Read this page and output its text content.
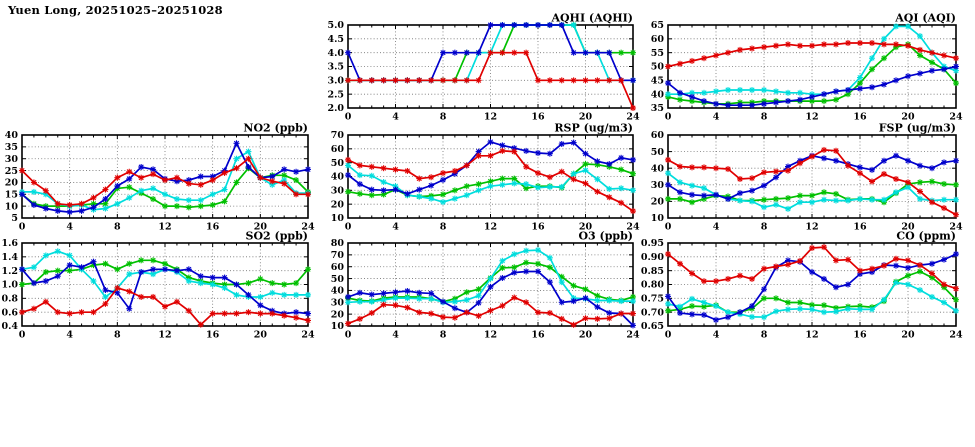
Yuen Long, 20251025–20251028
2.0
2.5
3.0
3.5
4.0
4.5
5.0
0	4	8	12	16	20	24
AQHI (AQHI)
35
40
45
50
55
60
65
0	4	8	12	16	20	24
AQI (AQI)
5
10
15
20
25
30
35
40
0	4	8	12	16	20	24
NO2 (ppb)
10
20
30
40
50
60
70
0	4	8	12	16	20	24
RSP (ug/m3)
10
20
30
40
50
60
0	4	8	12	16	20	24
FSP (ug/m3)
0.4
0.6
0.8
1.0
1.2
1.4
1.6
0	4	8	12	16	20	24
SO2 (ppb)
10
20
30
40
50
60
70
80
0	4	8	12	16	20	24
O3 (ppb)
0.65
0.70
0.75
0.80
0.85
0.90
0.95
0	4	8	12	16	20	24
CO (ppm)
